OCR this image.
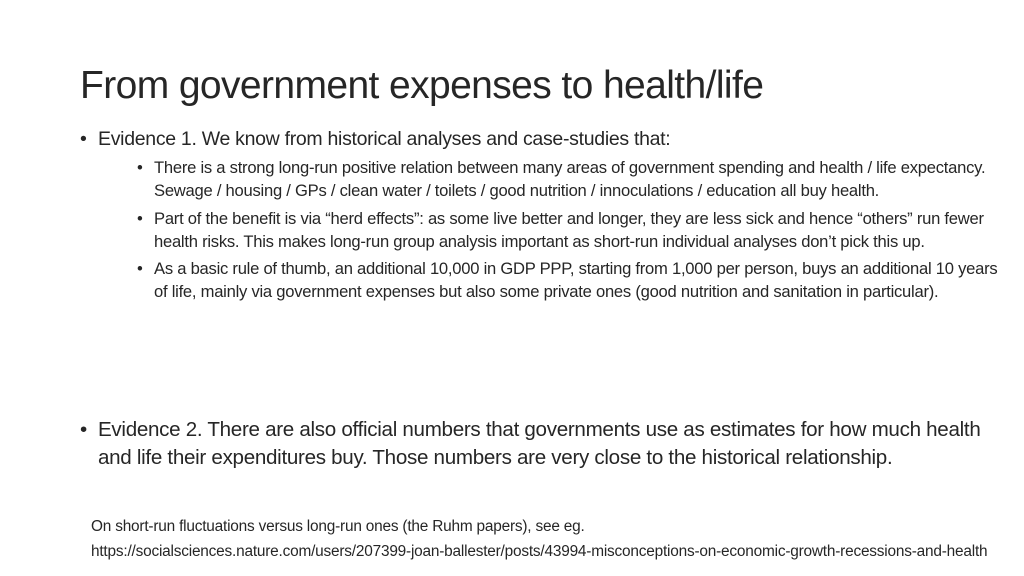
From government expenses to health/life
• Evidence 1. We know from historical analyses and case-studies that:
• There is a strong long-run positive relation between many areas of government spending and health / life expectancy. Sewage / housing / GPs / clean water / toilets / good nutrition / innoculations / education all buy health.
• Part of the benefit is via “herd effects”: as some live better and longer, they are less sick and hence “others” run fewer health risks. This makes long-run group analysis important as short-run individual analyses don’t pick this up.
• As a basic rule of thumb, an additional 10,000 in GDP PPP, starting from 1,000 per person, buys an additional 10 years of life, mainly via government expenses but also some private ones (good nutrition and sanitation in particular).
• Evidence 2. There are also official numbers that governments use as estimates for how much health and life their expenditures buy. Those numbers are very close to the historical relationship.
On short-run fluctuations versus long-run ones (the Ruhm papers), see eg.
https://socialsciences.nature.com/users/207399-joan-ballester/posts/43994-misconceptions-on-economic-growth-recessions-and-health
